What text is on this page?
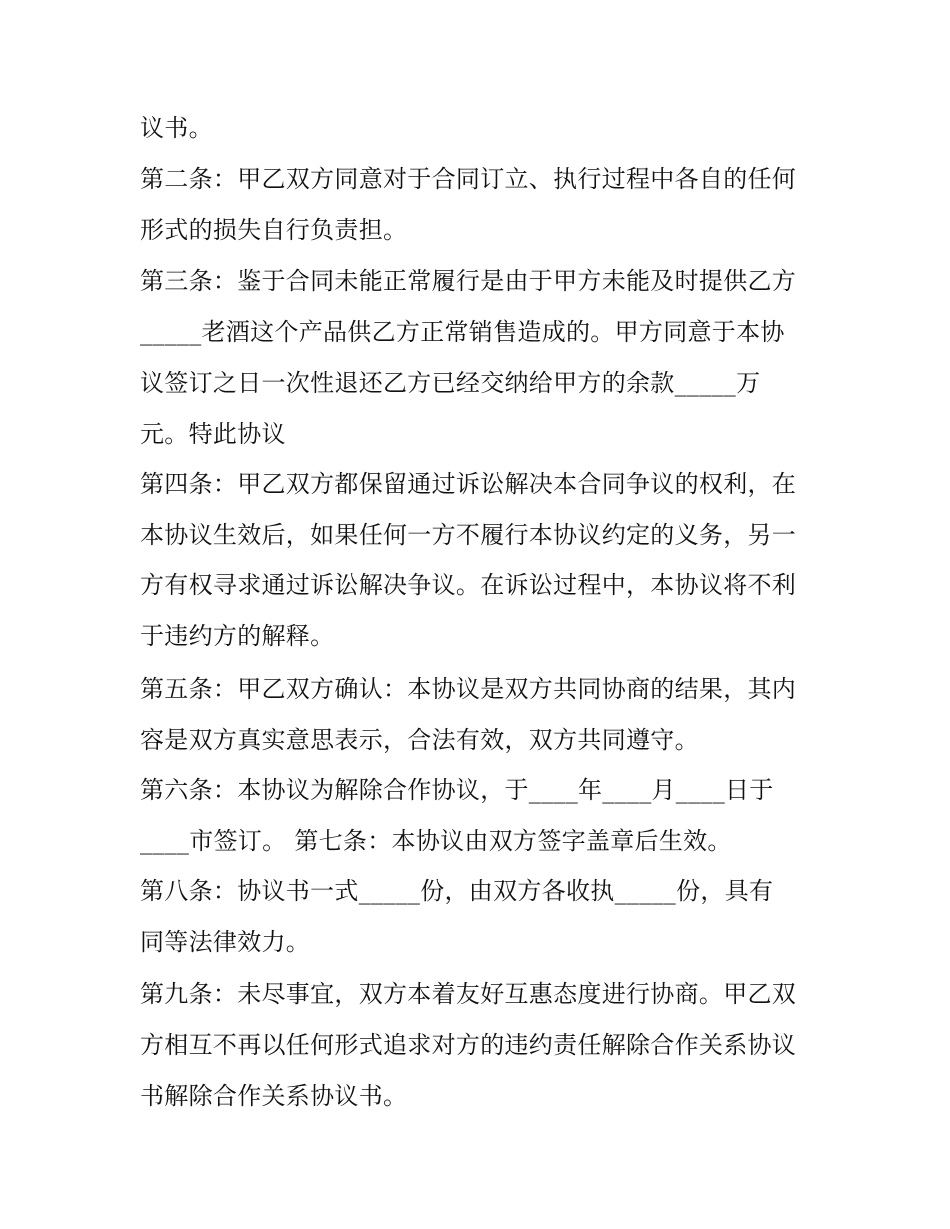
议书。
第二条：甲乙双方同意对于合同订立、执行过程中各自的任何
形式的损失自行负责担。
第三条：鉴于合同未能正常履行是由于甲方未能及时提供乙方
_____老酒这个产品供乙方正常销售造成的。甲方同意于本协
议签订之日一次性退还乙方已经交纳给甲方的余款_____万
元。特此协议
第四条：甲乙双方都保留通过诉讼解决本合同争议的权利，在
本协议生效后，如果任何一方不履行本协议约定的义务，另一
方有权寻求通过诉讼解决争议。在诉讼过程中，本协议将不利
于违约方的解释。
第五条：甲乙双方确认：本协议是双方共同协商的结果，其内
容是双方真实意思表示，合法有效，双方共同遵守。
第六条：本协议为解除合作协议，于____年____月____日于
____市签订。 第七条：本协议由双方签字盖章后生效。
第八条：协议书一式_____份，由双方各收执_____份，具有
同等法律效力。
第九条：未尽事宜，双方本着友好互惠态度进行协商。甲乙双
方相互不再以任何形式追求对方的违约责任解除合作关系协议
书解除合作关系协议书。
